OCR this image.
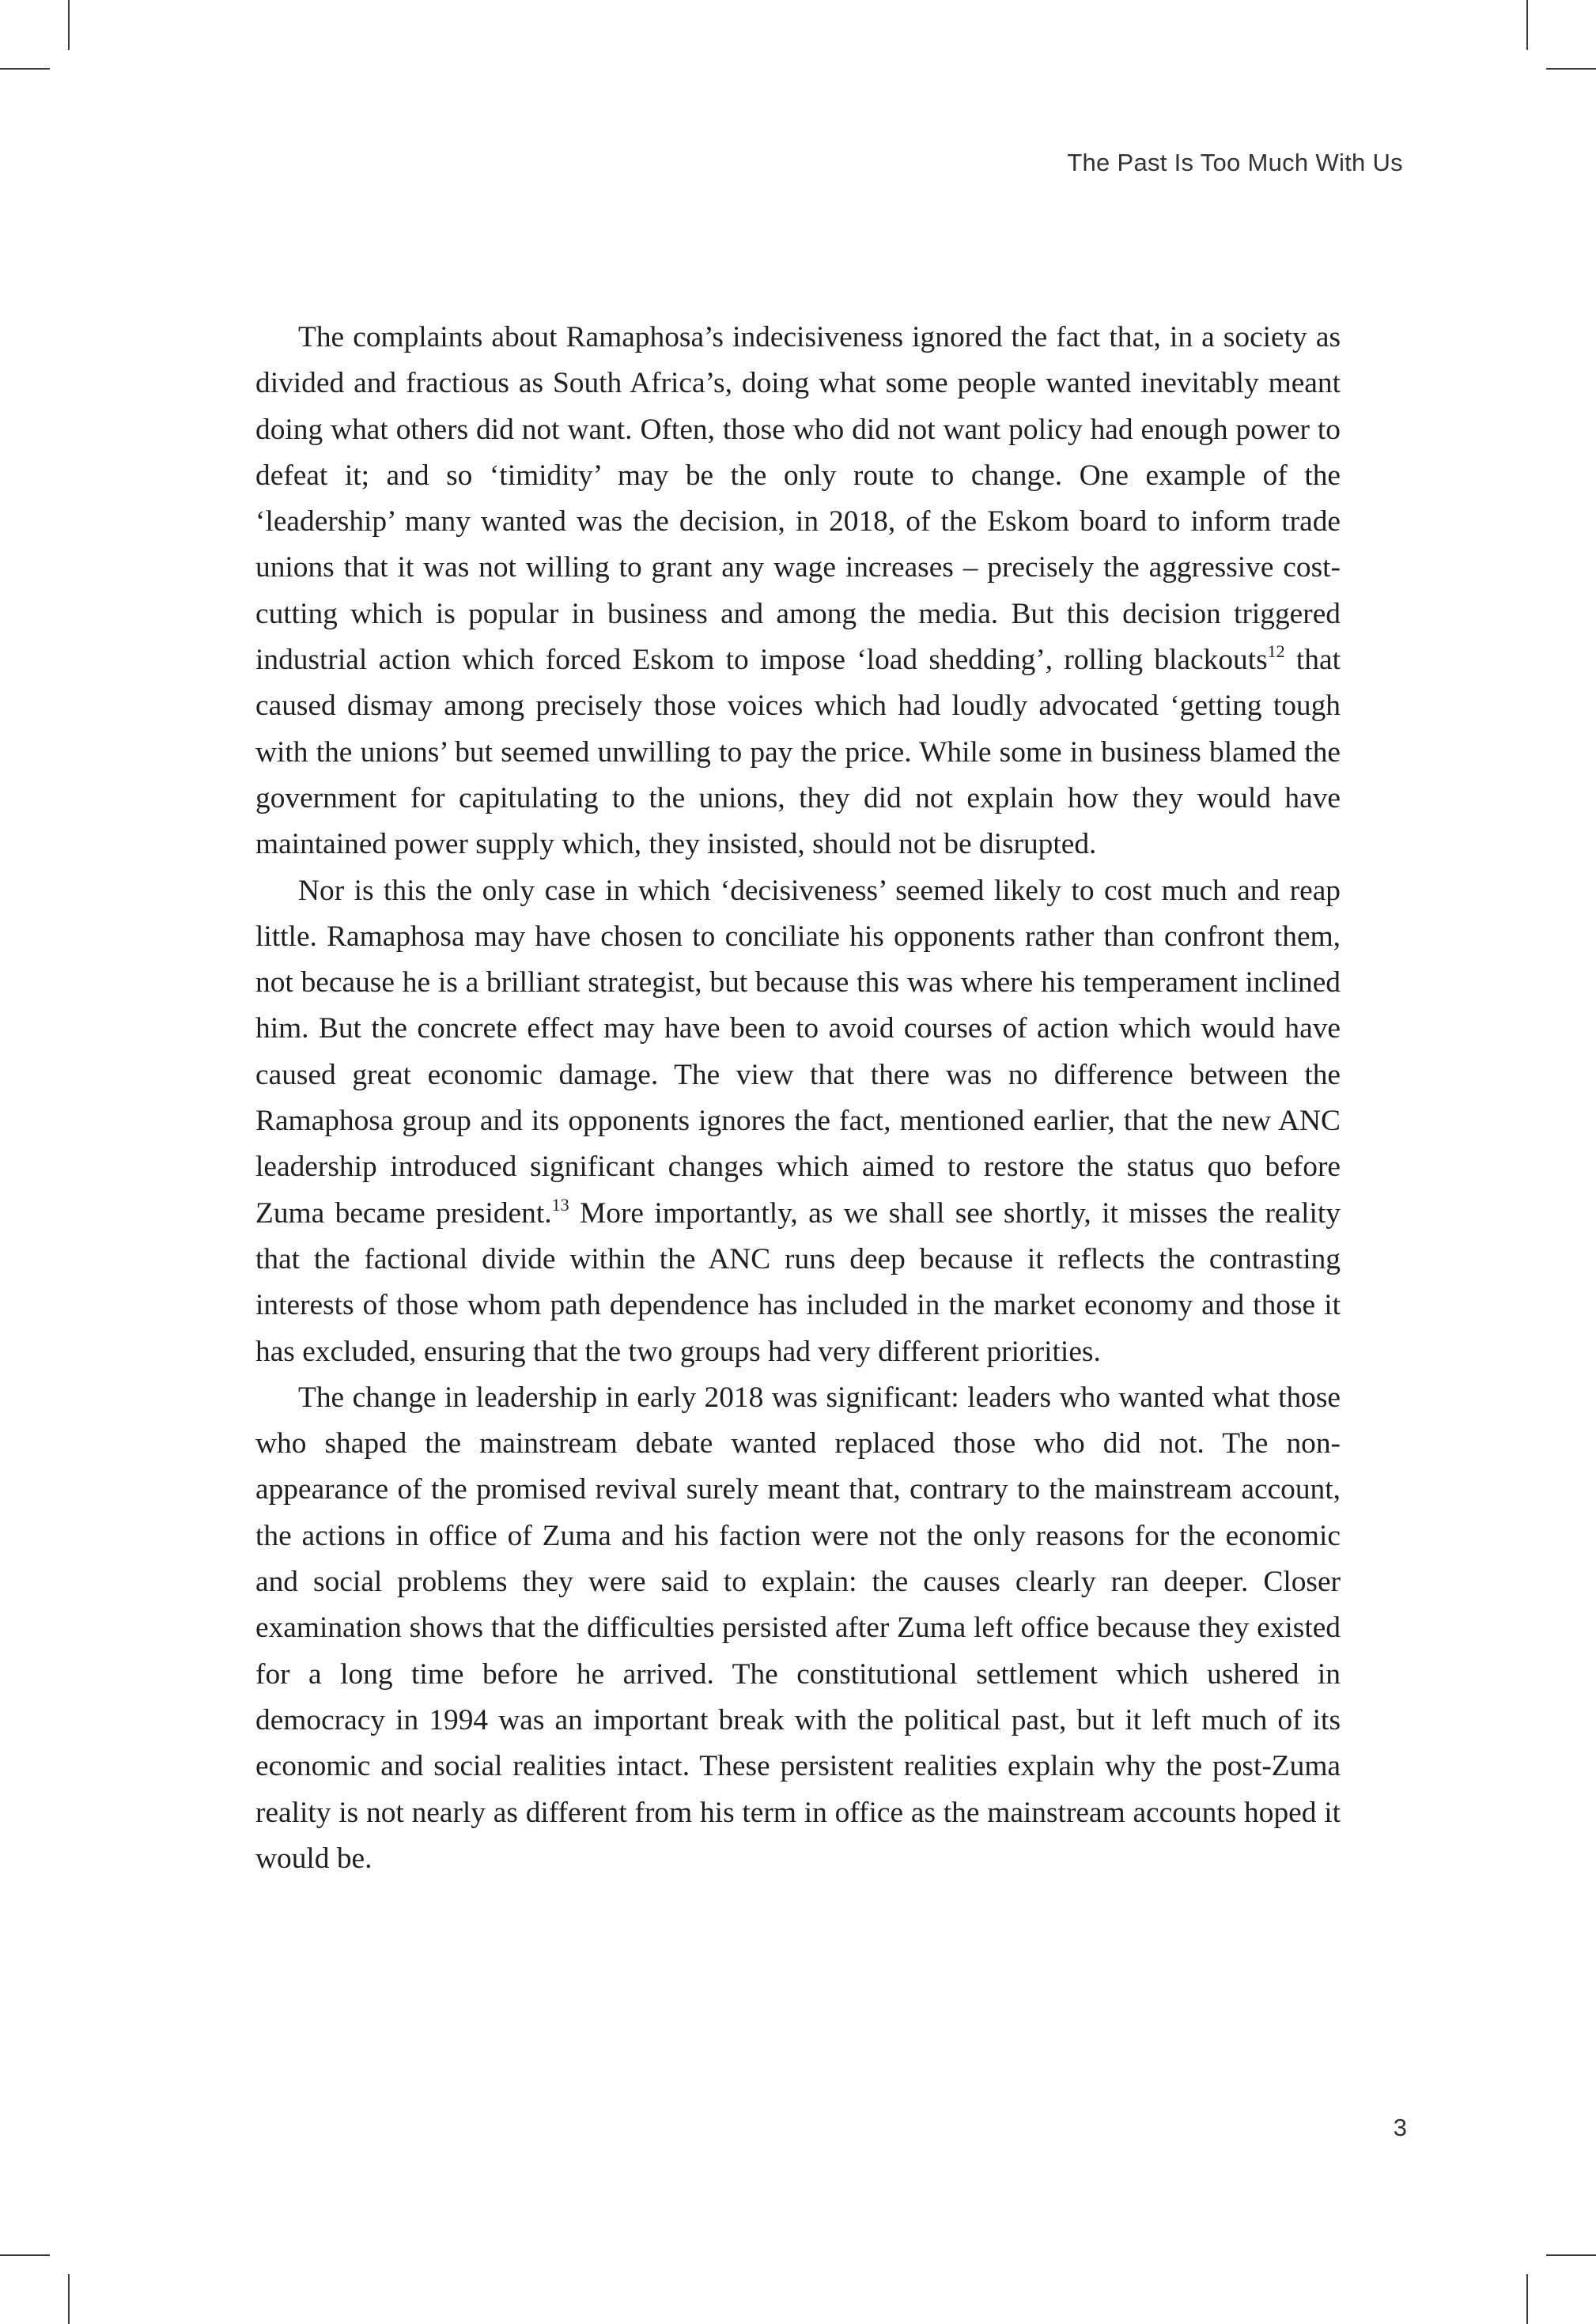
The Past Is Too Much With Us

The complaints about Ramaphosa’s indecisiveness ignored the fact that, in a society as divided and fractious as South Africa’s, doing what some people wanted inevitably meant doing what others did not want. Often, those who did not want policy had enough power to defeat it; and so ‘timidity’ may be the only route to change. One example of the ‘leadership’ many wanted was the decision, in 2018, of the Eskom board to inform trade unions that it was not willing to grant any wage increases – precisely the aggressive cost-cutting which is popular in business and among the media. But this decision triggered industrial action which forced Eskom to impose ‘load shedding’, rolling blackouts$^{12}$ that caused dismay among precisely those voices which had loudly advocated ‘getting tough with the unions’ but seemed unwilling to pay the price. While some in business blamed the government for capitulating to the unions, they did not explain how they would have maintained power supply which, they insisted, should not be disrupted.

Nor is this the only case in which ‘decisiveness’ seemed likely to cost much and reap little. Ramaphosa may have chosen to conciliate his opponents rather than confront them, not because he is a brilliant strategist, but because this was where his temperament inclined him. But the concrete effect may have been to avoid courses of action which would have caused great economic damage. The view that there was no difference between the Ramaphosa group and its opponents ignores the fact, mentioned earlier, that the new ANC leadership introduced significant changes which aimed to restore the status quo before Zuma became president.$^{13}$ More importantly, as we shall see shortly, it misses the reality that the factional divide within the ANC runs deep because it reflects the contrasting interests of those whom path dependence has included in the market economy and those it has excluded, ensuring that the two groups had very different priorities.

The change in leadership in early 2018 was significant: leaders who wanted what those who shaped the mainstream debate wanted replaced those who did not. The non-appearance of the promised revival surely meant that, contrary to the mainstream account, the actions in office of Zuma and his faction were not the only reasons for the economic and social problems they were said to explain: the causes clearly ran deeper. Closer examination shows that the difficulties persisted after Zuma left office because they existed for a long time before he arrived. The constitutional settlement which ushered in democracy in 1994 was an important break with the political past, but it left much of its economic and social realities intact. These persistent realities explain why the post-Zuma reality is not nearly as different from his term in office as the mainstream accounts hoped it would be.

3
